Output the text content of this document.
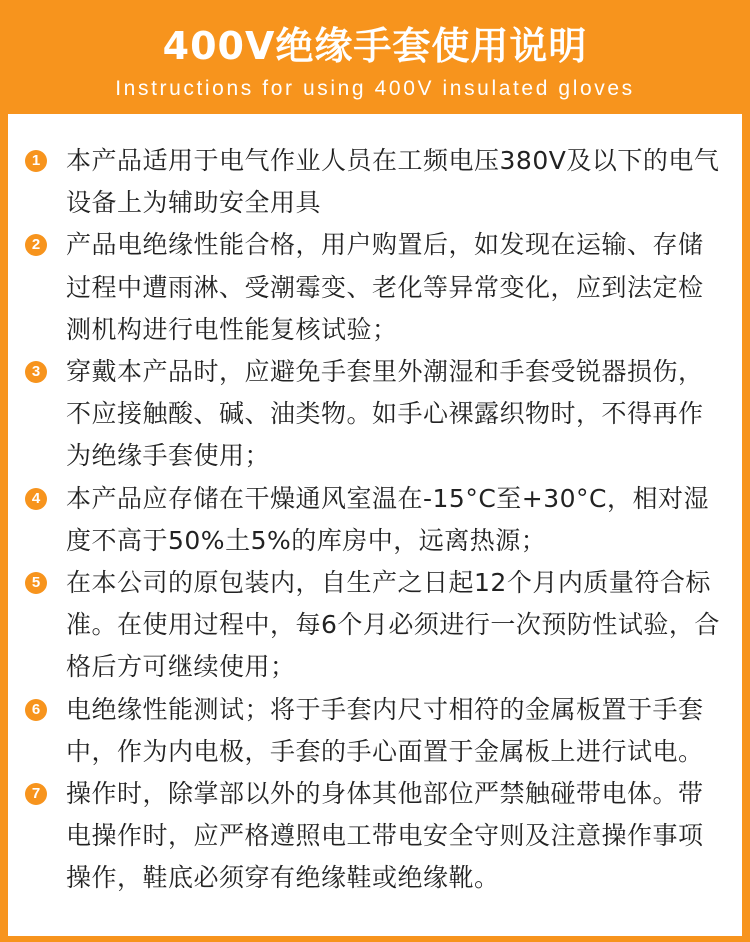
400V绝缘手套使用说明
Instructions for using 400V insulated gloves
1 本产品适用于电气作业人员在工频电压380V及以下的电气设备上为辅助安全用具
2 产品电绝缘性能合格，用户购置后，如发现在运输、存储过程中遭雨淋、受潮霉变、老化等异常变化，应到法定检测机构进行电性能复核试验；
3 穿戴本产品时，应避免手套里外潮湿和手套受锐器损伤，不应接触酸、碱、油类物。如手心裸露织物时，不得再作为绝缘手套使用；
4 本产品应存储在干燥通风室温在-15°C至+30°C，相对湿度不高于50%土5%的库房中，远离热源；
5 在本公司的原包装内，自生产之日起12个月内质量符合标准。在使用过程中，每6个月必须进行一次预防性试验，合格后方可继续使用；
6 电绝缘性能测试；将于手套内尺寸相符的金属板置于手套中，作为内电极，手套的手心面置于金属板上进行试电。
7 操作时，除掌部以外的身体其他部位严禁触碰带电体。带电操作时，应严格遵照电工带电安全守则及注意操作事项操作，鞋底必须穿有绝缘鞋或绝缘靴。
